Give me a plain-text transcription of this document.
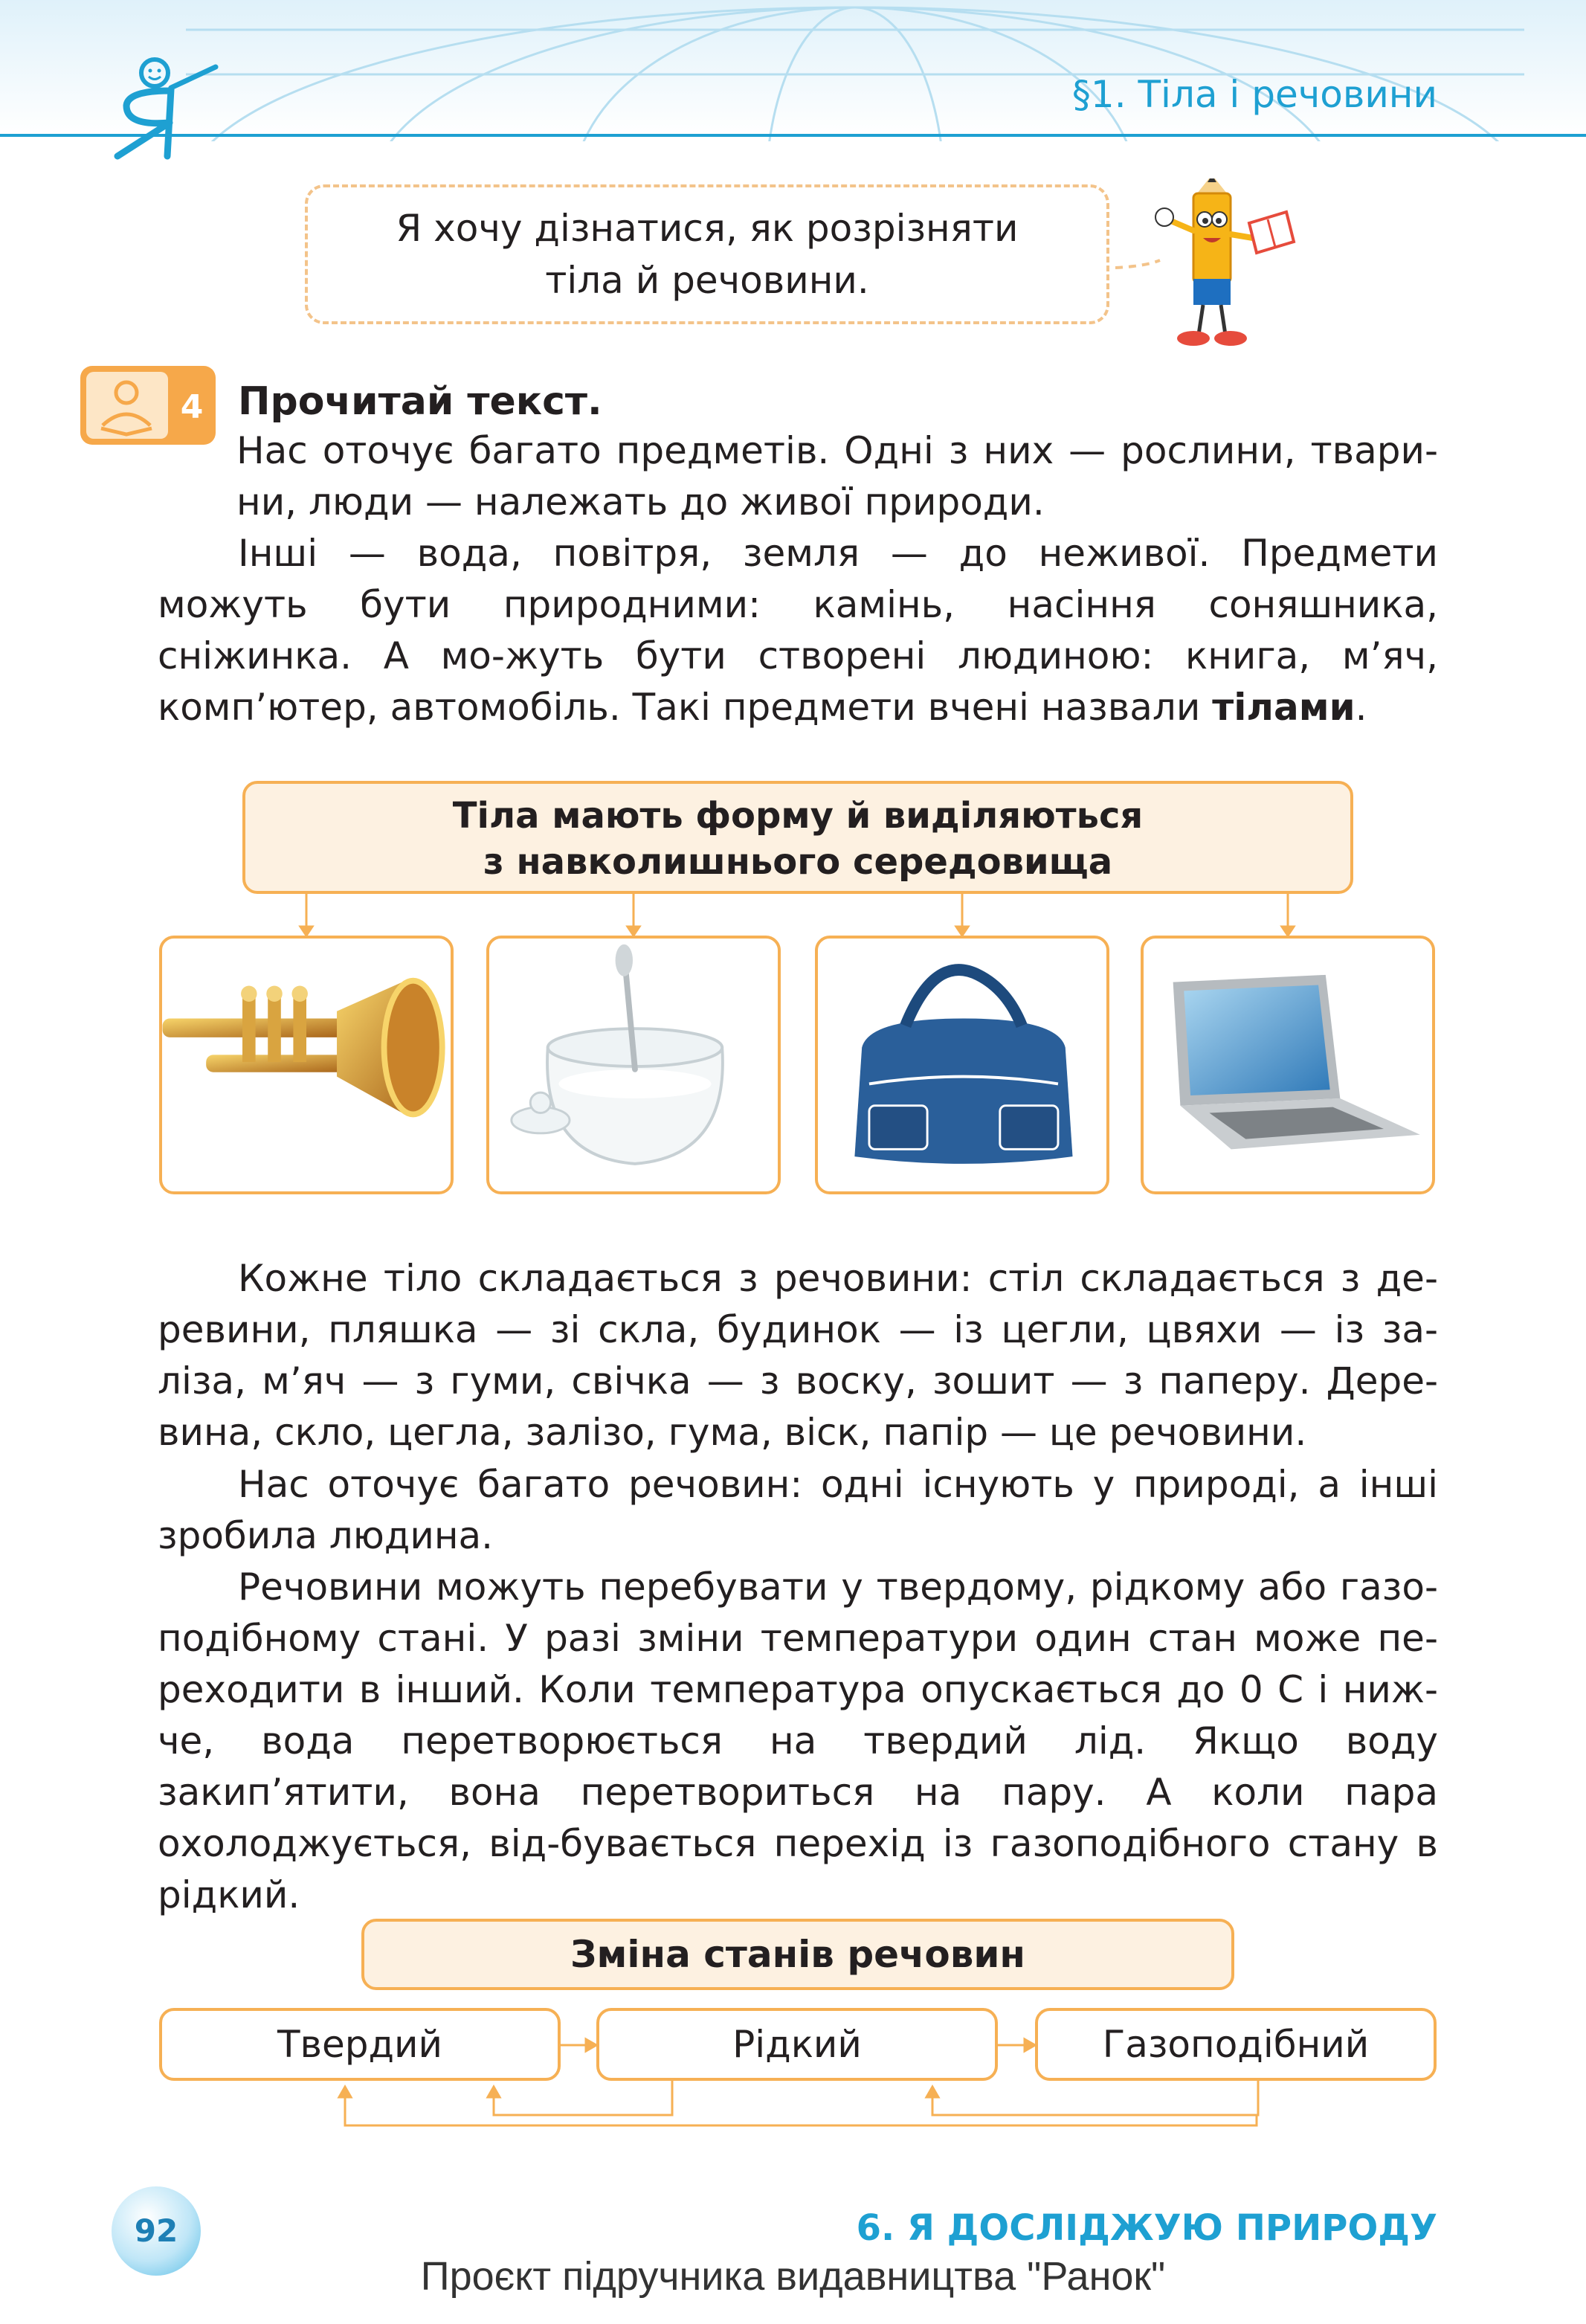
§1. Тіла і речовини
Я хочу дізнатися, як розрізняти
тіла й речовини.
4 Прочитай текст.
Нас оточує багато предметів. Одні з них — рослини, твари-ни, люди — належать до живої природи.
Інші — вода, повітря, земля — до неживої. Предмети можуть бути природними: камінь, насіння соняшника, сніжинка. А мо-жуть бути створені людиною: книга, м’яч, комп’ютер, автомобіль. Такі предмети вчені назвали тілами.
Тіла мають форму й виділяються
з навколишнього середовища
Кожне тіло складається з речовини: стіл складається з де-ревини, пляшка — зі скла, будинок — із цегли, цвяхи — із за-ліза, м’яч — з гуми, свічка — з воску, зошит — з паперу. Дере-вина, скло, цегла, залізо, гума, віск, папір — це речовини.
Нас оточує багато речовин: одні існують у природі, а інші зробила людина.
Речовини можуть перебувати у твердому, рідкому або газо-подібному стані. У разі зміни температури один стан може пе-реходити в інший. Коли температура опускається до 0 С і ниж-че, вода перетворюється на твердий лід. Якщо воду закип’ятити, вона перетвориться на пару. А коли пара охолоджується, від-бувається перехід із газоподібного стану в рідкий.
Зміна станів речовин
Твердий	Рідкий	Газоподібний
92	6. Я ДОСЛІДЖУЮ ПРИРОДУ
Проєкт підручника видавництва "Ранок"
